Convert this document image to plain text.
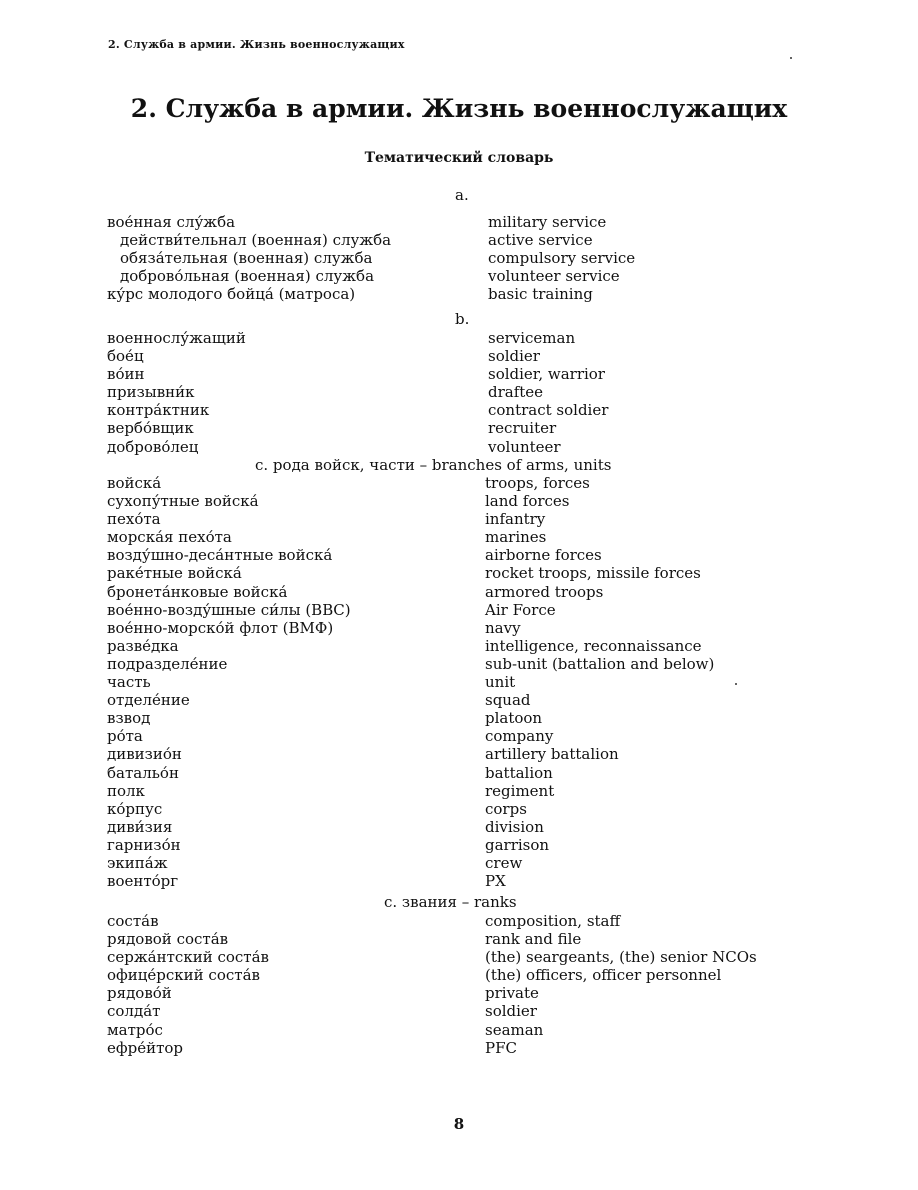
2. Служба в армии. Жизнь военнослужащих
2. Служба в армии. Жизнь военнослужащих
Тематический словарь
a.
вое́нная слу́жба	military service
действи́тельнал (военная) служба	active service
обяза́тельная (военная) служба	compulsory service
доброво́льная (военная) служба	volunteer service
ку́рс молодого бойца́ (матроса)	basic training
b.
военнослу́жащий	serviceman
бое́ц	soldier
во́ин	soldier, warrior
призывни́к	draftee
контра́ктник	contract soldier
вербо́вщик	recruiter
доброво́лец	volunteer
c. рода войск, части – branches of arms, units
войска́	troops, forces
сухопу́тные войска́	land forces
пехо́та	infantry
морска́я пехо́та	marines
возду́шно-деса́нтные войска́	airborne forces
раке́тные войска́	rocket troops, missile forces
бронета́нковые войска́	armored troops
вое́нно-возду́шные си́лы (ВВС)	Air Force
вое́нно-морско́й флот (ВМФ)	navy
разве́дка	intelligence, reconnaissance
подразделе́ние	sub-unit (battalion and below)
часть	unit
отделе́ние	squad
взвод	platoon
ро́та	company
дивизио́н	artillery battalion
батальо́н	battalion
полк	regiment
ко́рпус	corps
диви́зия	division
гарнизо́н	garrison
экипа́ж	crew
военто́рг	PX
c. звания – ranks
соста́в	composition, staff
рядовой соста́в	rank and file
сержа́нтский соста́в	(the) seargeants, (the) senior NCOs
офице́рский соста́в	(the) officers, officer personnel
рядово́й	private
солда́т	soldier
матро́с	seaman
ефре́йтор	PFC
8
